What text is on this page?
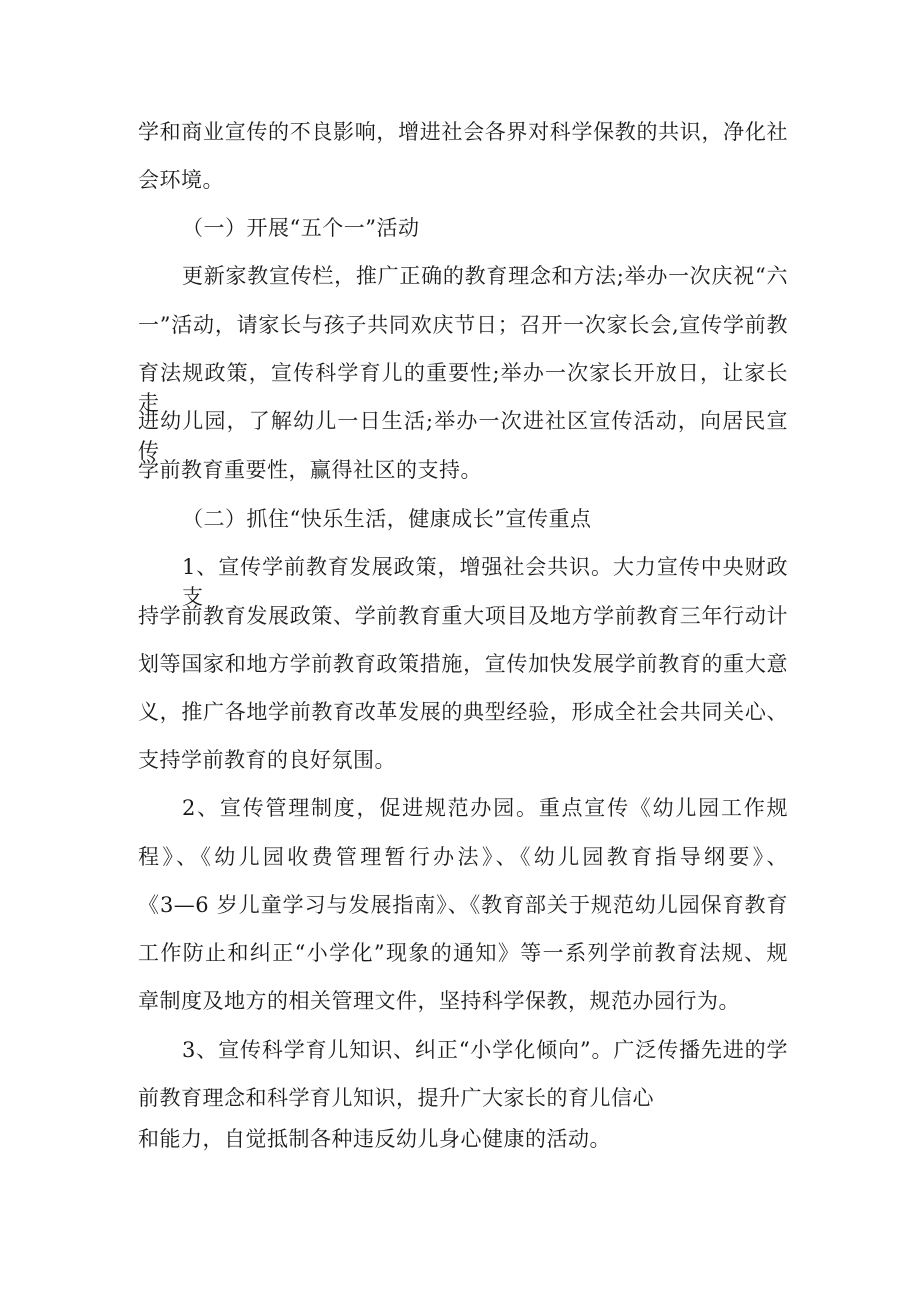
学和商业宣传的不良影响，增进社会各界对科学保教的共识，净化社
会环境。
（一）开展“五个一”活动
更新家教宣传栏，推广正确的教育理念和方法;举办一次庆祝“六
一”活动，请家长与孩子共同欢庆节日；召开一次家长会,宣传学前教
育法规政策，宣传科学育儿的重要性;举办一次家长开放日，让家长走
进幼儿园，了解幼儿一日生活;举办一次进社区宣传活动，向居民宣传
学前教育重要性，赢得社区的支持。
（二）抓住“快乐生活，健康成长”宣传重点
1、宣传学前教育发展政策，增强社会共识。大力宣传中央财政支
持学前教育发展政策、学前教育重大项目及地方学前教育三年行动计
划等国家和地方学前教育政策措施，宣传加快发展学前教育的重大意
义，推广各地学前教育改革发展的典型经验，形成全社会共同关心、
支持学前教育的良好氛围。
2、宣传管理制度，促进规范办园。重点宣传《幼儿园工作规
程》、《幼儿园收费管理暂行办法》、《幼儿园教育指导纲要》、
《3—6 岁儿童学习与发展指南》、《教育部关于规范幼儿园保育教育
工作防止和纠正“小学化”现象的通知》等一系列学前教育法规、规
章制度及地方的相关管理文件，坚持科学保教，规范办园行为。
3、宣传科学育儿知识、纠正“小学化倾向”。广泛传播先进的学
前教育理念和科学育儿知识，提升广大家长的育儿信心
和能力，自觉抵制各种违反幼儿身心健康的活动。
